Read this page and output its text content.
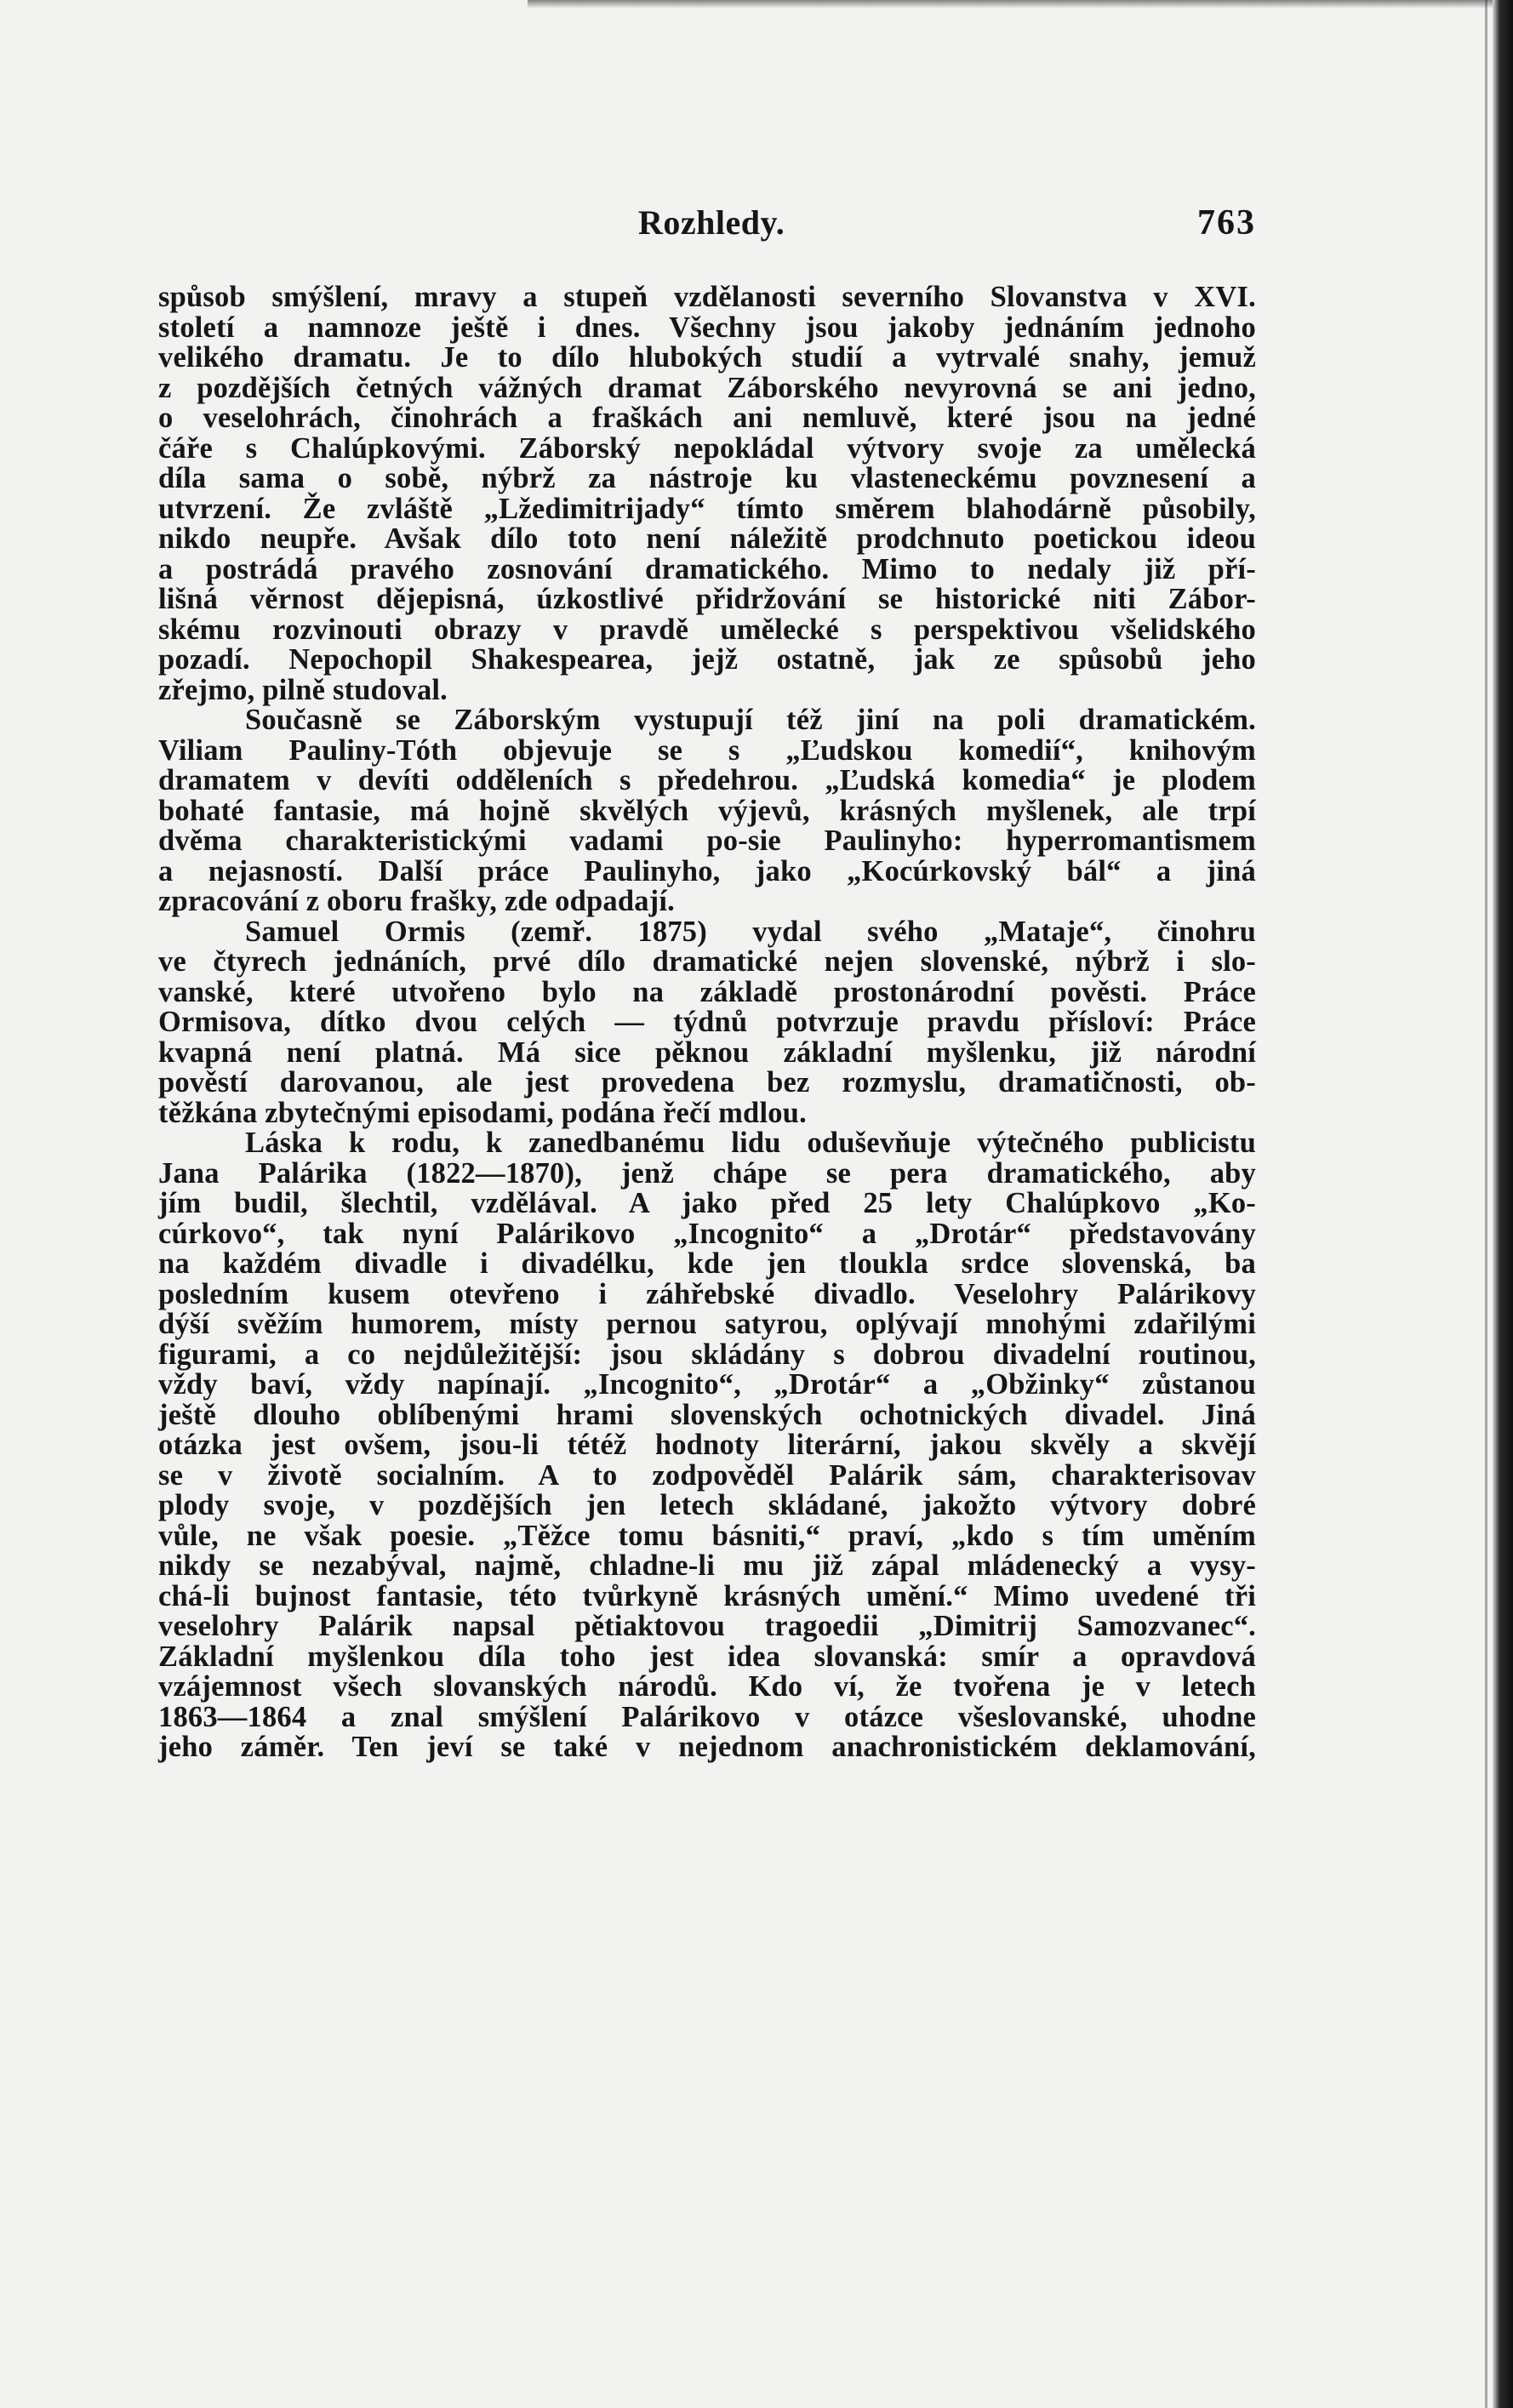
Rozhledy.	763
spůsob smýšlení, mravy a stupeň vzdělanosti severního Slovanstva v XVI.
století a namnoze ještě i dnes. Všechny jsou jakoby jednáním jednoho
velikého dramatu. Je to dílo hlubokých studií a vytrvalé snahy, jemuž
z pozdějších četných vážných dramat Záborského nevyrovná se ani jedno,
o veselohrách, činohrách a fraškách ani nemluvě, které jsou na jedné
čáře s Chalúpkovými. Záborský nepokládal výtvory svoje za umělecká
díla sama o sobě, nýbrž za nástroje ku vlasteneckému povznesení a
utvrzení. Že zvláště „Lžedimitrijady“ tímto směrem blahodárně působily,
nikdo neupře. Avšak dílo toto není náležitě prodchnuto poetickou ideou
a postrádá pravého zosnování dramatického. Mimo to nedaly již pří-
lišná věrnost dějepisná, úzkostlivé přidržování se historické niti Zábor-
skému rozvinouti obrazy v pravdě umělecké s perspektivou všelidského
pozadí. Nepochopil Shakespearea, jejž ostatně, jak ze spůsobů jeho
zřejmo, pilně studoval.
Současně se Záborským vystupují též jiní na poli dramatickém.
Viliam Pauliny-Tóth objevuje se s „Ľudskou komedií“, knihovým
dramatem v devíti odděleních s předehrou. „Ľudská komedia“ je plodem
bohaté fantasie, má hojně skvělých výjevů, krásných myšlenek, ale trpí
dvěma charakteristickými vadami po-sie Paulinyho: hyperromantismem
a nejasností. Další práce Paulinyho, jako „Kocúrkovský bál“ a jiná
zpracování z oboru frašky, zde odpadají.
Samuel Ormis (zemř. 1875) vydal svého „Mataje“, činohru
ve čtyrech jednáních, prvé dílo dramatické nejen slovenské, nýbrž i slo-
vanské, které utvořeno bylo na základě prostonárodní pověsti. Práce
Ormisova, dítko dvou celých — týdnů potvrzuje pravdu přísloví: Práce
kvapná není platná. Má sice pěknou základní myšlenku, již národní
pověstí darovanou, ale jest provedena bez rozmyslu, dramatičnosti, ob-
těžkána zbytečnými episodami, podána řečí mdlou.
Láska k rodu, k zanedbanému lidu oduševňuje výtečného publicistu
Jana Palárika (1822—1870), jenž chápe se pera dramatického, aby
jím budil, šlechtil, vzdělával. A jako před 25 lety Chalúpkovo „Ko-
cúrkovo“, tak nyní Palárikovo „Incognito“ a „Drotár“ představovány
na každém divadle i divadélku, kde jen tloukla srdce slovenská, ba
posledním kusem otevřeno i záhřebské divadlo. Veselohry Palárikovy
dýší svěžím humorem, místy pernou satyrou, oplývají mnohými zdařilými
figurami, a co nejdůležitější: jsou skládány s dobrou divadelní routinou,
vždy baví, vždy napínají. „Incognito“, „Drotár“ a „Obžinky“ zůstanou
ještě dlouho oblíbenými hrami slovenských ochotnických divadel. Jiná
otázka jest ovšem, jsou-li tétéž hodnoty literární, jakou skvěly a skvějí
se v životě socialním. A to zodpověděl Palárik sám, charakterisovav
plody svoje, v pozdějších jen letech skládané, jakožto výtvory dobré
vůle, ne však poesie. „Těžce tomu básniti,“ praví, „kdo s tím uměním
nikdy se nezabýval, najmě, chladne-li mu již zápal mládenecký a vysy-
chá-li bujnost fantasie, této tvůrkyně krásných umění.“ Mimo uvedené tři
veselohry Palárik napsal pětiaktovou tragoedii „Dimitrij Samozvanec“.
Základní myšlenkou díla toho jest idea slovanská: smír a opravdová
vzájemnost všech slovanských národů. Kdo ví, že tvořena je v letech
1863—1864 a znal smýšlení Palárikovo v otázce všeslovanské, uhodne
jeho záměr. Ten jeví se také v nejednom anachronistickém deklamování,
